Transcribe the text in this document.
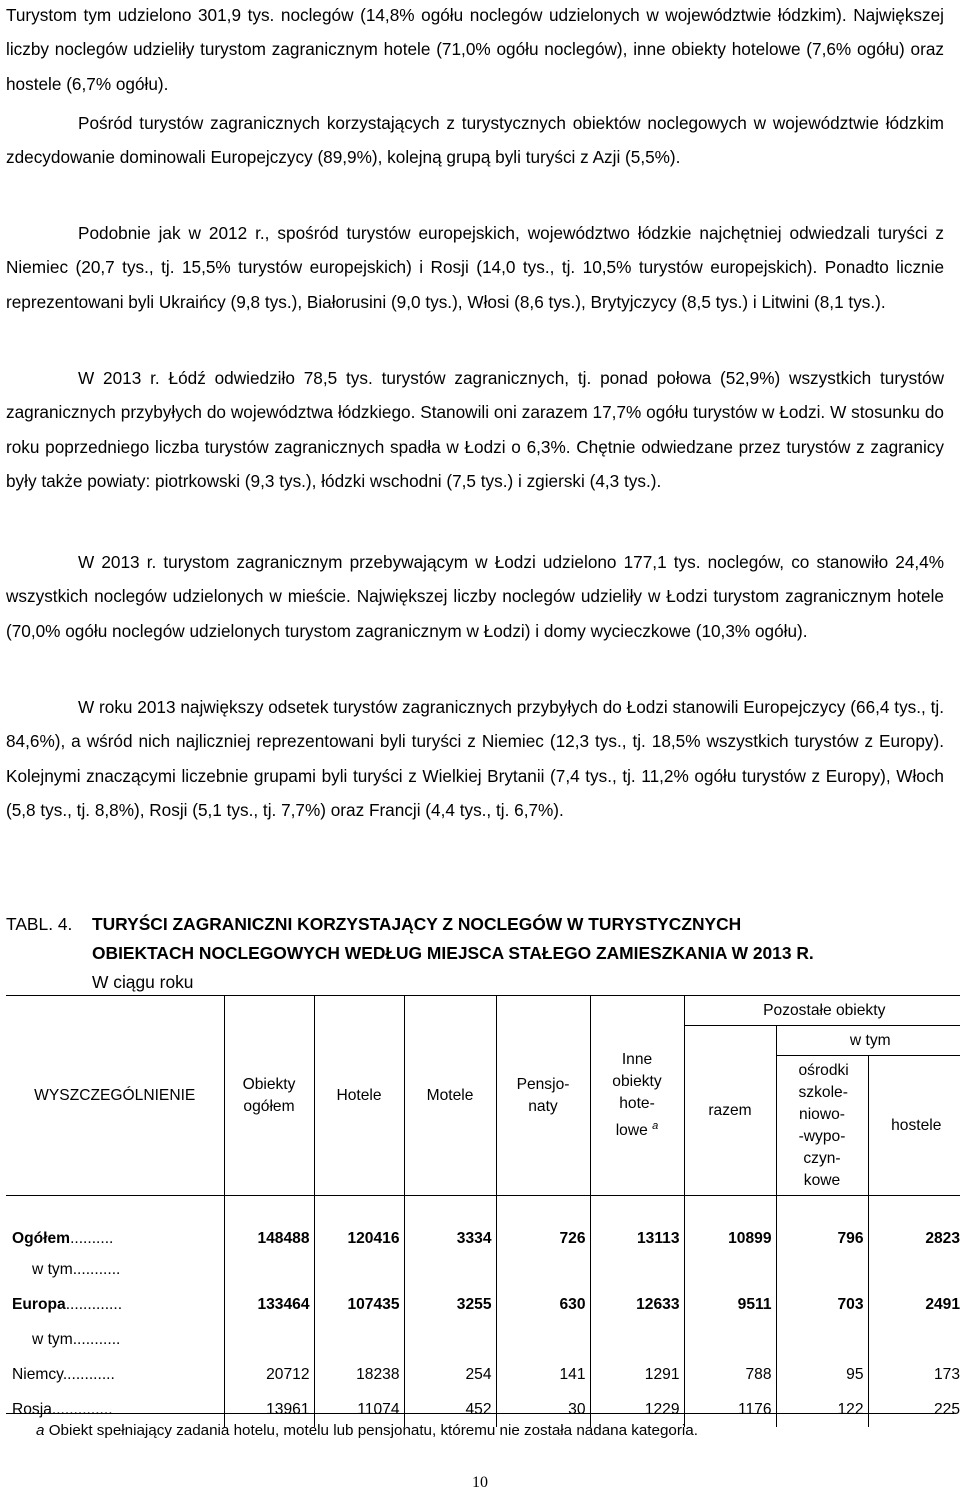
Turystom tym udzielono 301,9 tys. noclegów (14,8% ogółu noclegów udzielonych w województwie łódzkim). Największej liczby noclegów udzieliły turystom zagranicznym hotele (71,0% ogółu noclegów), inne obiekty hotelowe (7,6% ogółu) oraz hostele (6,7% ogółu).

Pośród turystów zagranicznych korzystających z turystycznych obiektów noclegowych w województwie łódzkim zdecydowanie dominowali Europejczycy (89,9%), kolejną grupą byli turyści z Azji (5,5%).

Podobnie jak w 2012 r., spośród turystów europejskich, województwo łódzkie najchętniej odwiedzali turyści z Niemiec (20,7 tys., tj. 15,5% turystów europejskich) i Rosji (14,0 tys., tj. 10,5% turystów europejskich). Ponadto licznie reprezentowani byli Ukraińcy (9,8 tys.), Białorusini (9,0 tys.), Włosi (8,6 tys.), Brytyjczycy (8,5 tys.) i Litwini (8,1 tys.).

W 2013 r. Łódź odwiedziło 78,5 tys. turystów zagranicznych, tj. ponad połowa (52,9%) wszystkich turystów zagranicznych przybyłych do województwa łódzkiego. Stanowili oni zarazem 17,7% ogółu turystów w Łodzi. W stosunku do roku poprzedniego liczba turystów zagranicznych spadła w Łodzi o 6,3%. Chętnie odwiedzane przez turystów z zagranicy były także powiaty: piotrkowski (9,3 tys.), łódzki wschodni (7,5 tys.) i zgierski (4,3 tys.).

W 2013 r. turystom zagranicznym przebywającym w Łodzi udzielono 177,1 tys. noclegów, co stanowiło 24,4% wszystkich noclegów udzielonych w mieście. Największej liczby noclegów udzieliły w Łodzi turystom zagranicznym hotele (70,0% ogółu noclegów udzielonych turystom zagranicznym w Łodzi) i domy wycieczkowe (10,3% ogółu).

W roku 2013 największy odsetek turystów zagranicznych przybyłych do Łodzi stanowili Europejczycy (66,4 tys., tj. 84,6%), a wśród nich najliczniej reprezentowani byli turyści z Niemiec (12,3 tys., tj. 18,5% wszystkich turystów z Europy). Kolejnymi znaczącymi liczebnie grupami byli turyści z Wielkiej Brytanii (7,4 tys., tj. 11,2% ogółu turystów z Europy), Włoch (5,8 tys., tj. 8,8%), Rosji (5,1 tys., tj. 7,7%) oraz Francji (4,4 tys., tj. 6,7%).

TABL. 4. TURYŚCI ZAGRANICZNI KORZYSTAJĄCY Z NOCLEGÓW W TURYSTYCZNYCH
OBIEKTACH NOCLEGOWYCH WEDŁUG MIEJSCA STAŁEGO ZAMIESZKANIA W 2013 R.
W ciągu roku
WYSZCZEGÓLNIENIE	Obiekty ogółem	Hotele	Motele	Pensjo-naty	Inne obiekty hote-lowe $^a$	Pozostałe obiekty		
						razem	w tym	
							ośrodki szkole-niowo--wypo-czyn-kowe	hostele
Ogółem..........	148488	120416	3334	726	13113	10899	796	2823
w tym...........								
Europa.............	133464	107435	3255	630	12633	9511	703	2491
w tym...........								
Niemcy............	20712	18238	254	141	1291	788	95	173
Rosja..............	13961	11074	452	30	1229	1176	122	225
a Obiekt spełniający zadania hotelu, motelu lub pensjonatu, któremu nie została nadana kategoria.
10
